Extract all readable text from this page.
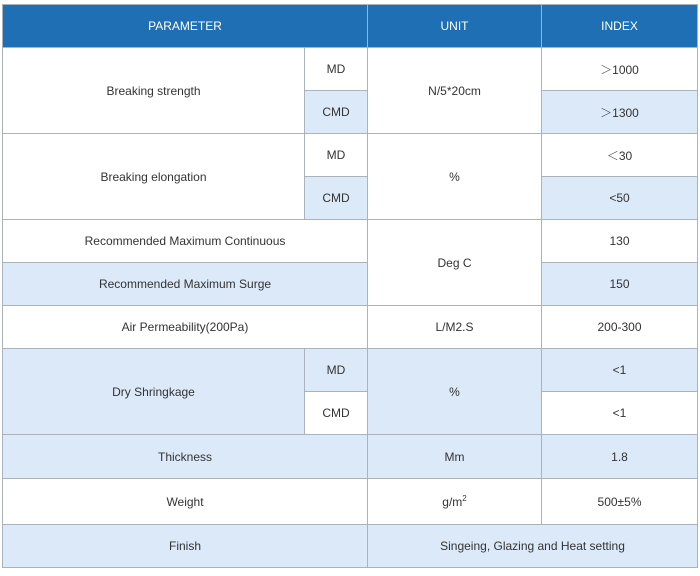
PARAMETER		UNIT	INDEX
Breaking strength	MD	N/5*20cm	＞1000
	CMD		＞1300
Breaking elongation	MD	%	＜30
	CMD		˂50
Recommended Maximum Continuous		Deg C	130
Recommended Maximum Surge			150
Air Permeability(200Pa)		L/M2.S	200-300
Dry Shringkage	MD	%	˂1
	CMD		˂1
Thickness		Mm	1.8
Weight		$g/m^2$	500±5%
Finish		Singeing, Glazing and Heat setting	
